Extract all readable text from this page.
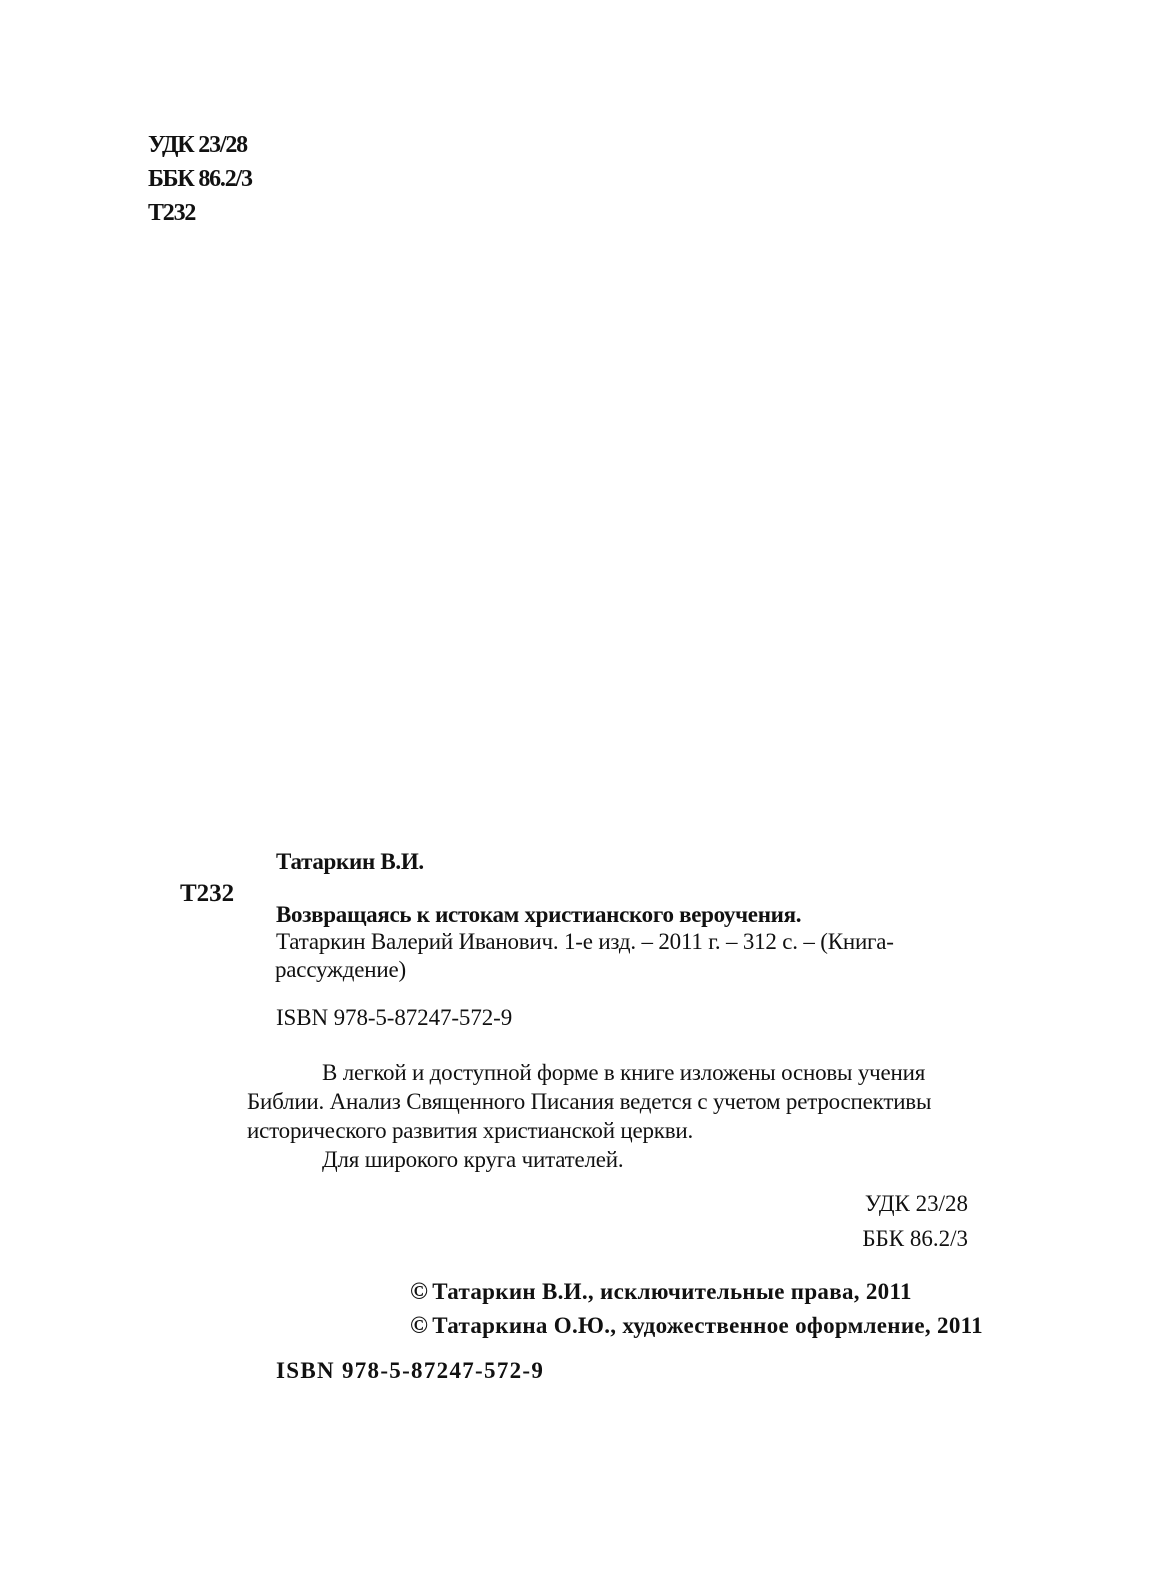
УДК 23/28
ББК 86.2/3
Т232
Татаркин В.И.
Т232
Возвращаясь к истокам христианского вероучения.
Татаркин Валерий Иванович. 1-е изд. – 2011 г. – 312 с. – (Книга-
рассуждение)
ISBN 978-5-87247-572-9
В легкой и доступной форме в книге изложены основы учения
Библии. Анализ Священного Писания ведется с учетом ретроспективы
исторического развития христианской церкви.
Для широкого круга читателей.
УДК 23/28
ББК 86.2/3
© Татаркин В.И., исключительные права, 2011
© Татаркина О.Ю., художественное оформление, 2011
ISBN 978-5-87247-572-9
